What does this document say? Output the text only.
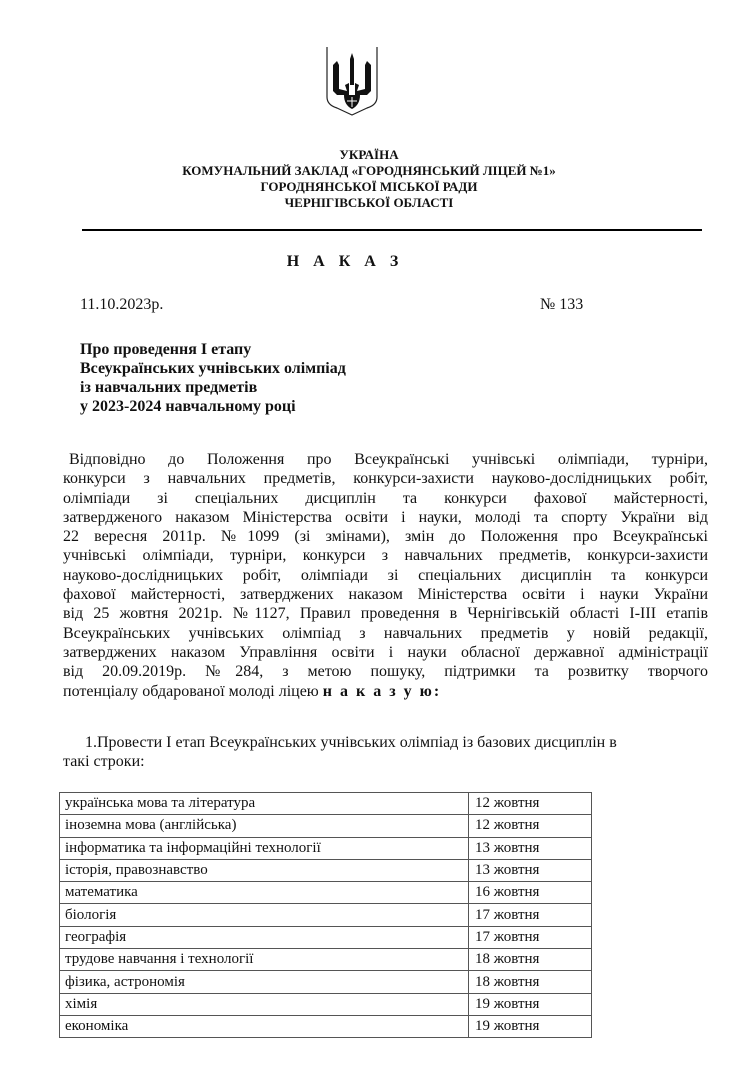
УКРАЇНА
КОМУНАЛЬНИЙ ЗАКЛАД «ГОРОДНЯНСЬКИЙ ЛІЦЕЙ №1»
ГОРОДНЯНСЬКОЇ МІСЬКОЇ РАДИ
ЧЕРНІГІВСЬКОЇ ОБЛАСТІ
Н А К А З
11.10.2023р.	№ 133
Про проведення І етапу
Всеукраїнських учнівських олімпіад
із навчальних предметів
у 2023-2024 навчальному році
Відповідно до Положення про Всеукраїнські учнівські олімпіади, турніри,
конкурси з навчальних предметів, конкурси-захисти науково-дослідницьких робіт,
олімпіади зі спеціальних дисциплін та конкурси фахової майстерності,
затвердженого наказом Міністерства освіти і науки, молоді та спорту України від
22 вересня 2011р. №1099 (зі змінами), змін до Положення про Всеукраїнські
учнівські олімпіади, турніри, конкурси з навчальних предметів, конкурси-захисти
науково-дослідницьких робіт, олімпіади зі спеціальних дисциплін та конкурси
фахової майстерності, затверджених наказом Міністерства освіти і науки України
від 25 жовтня 2021р. №1127, Правил проведення в Чернігівській області І-ІІІ етапів
Всеукраїнських учнівських олімпіад з навчальних предметів у новій редакції,
затверджених наказом Управління освіти і науки обласної державної адміністрації
від 20.09.2019р. №284, з метою пошуку, підтримки та розвитку творчого
потенціалу обдарованої молоді ліцею н а к а з у ю:
1.Провести І етап Всеукраїнських учнівських олімпіад із базових дисциплін в
такі строки:
українська мова та література	12 жовтня
іноземна мова (англійська)	12 жовтня
інформатика та інформаційні технології	13 жовтня
історія, правознавство	13 жовтня
математика	16 жовтня
біологія	17 жовтня
географія	17 жовтня
трудове навчання і технології	18 жовтня
фізика, астрономія	18 жовтня
хімія	19 жовтня
економіка	19 жовтня
